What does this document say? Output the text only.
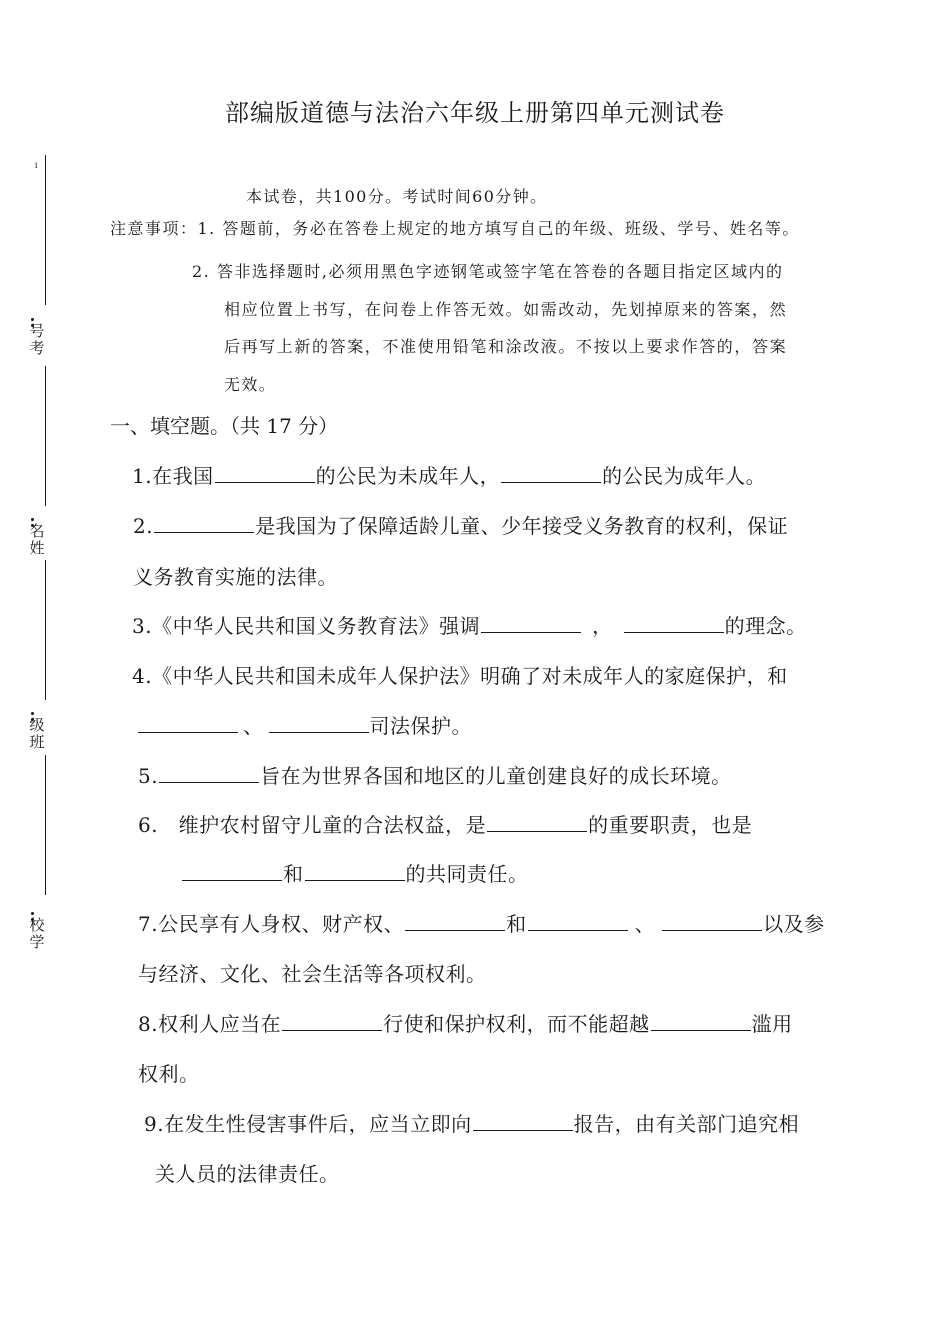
1
号考
名姓
级班
校学
部编版道德与法治六年级上册第四单元测试卷
本试卷，共100分。考试时间60分钟。
注意事项：1. 答题前，务必在答卷上规定的地方填写自己的年级、班级、学号、姓名等。
2. 答非选择题时,必须用黑色字迹钢笔或签字笔在答卷的各题目指定区域内的
相应位置上书写，在问卷上作答无效。如需改动，先划掉原来的答案，然
后再写上新的答案，不准使用铅笔和涂改液。不按以上要求作答的，答案
无效。
一、填空题。（共 17 分）
1.在我国	的公民为未成年人，	的公民为成年人。
2.	是我国为了保障适龄儿童、少年接受义务教育的权利，保证
义务教育实施的法律。
3.《中华人民共和国义务教育法》强调	，	的理念。
4.《中华人民共和国未成年人保护法》明确了对未成年人的家庭保护，和
、	司法保护。
5.	旨在为世界各国和地区的儿童创建良好的成长环境。
6.   维护农村留守儿童的合法权益，是	的重要职责，也是
和	的共同责任。
7.公民享有人身权、财产权、	和	、	以及参
与经济、文化、社会生活等各项权利。
8.权利人应当在	行使和保护权利，而不能超越	滥用
权利。
9.在发生性侵害事件后，应当立即向	报告，由有关部门追究相
关人员的法律责任。
